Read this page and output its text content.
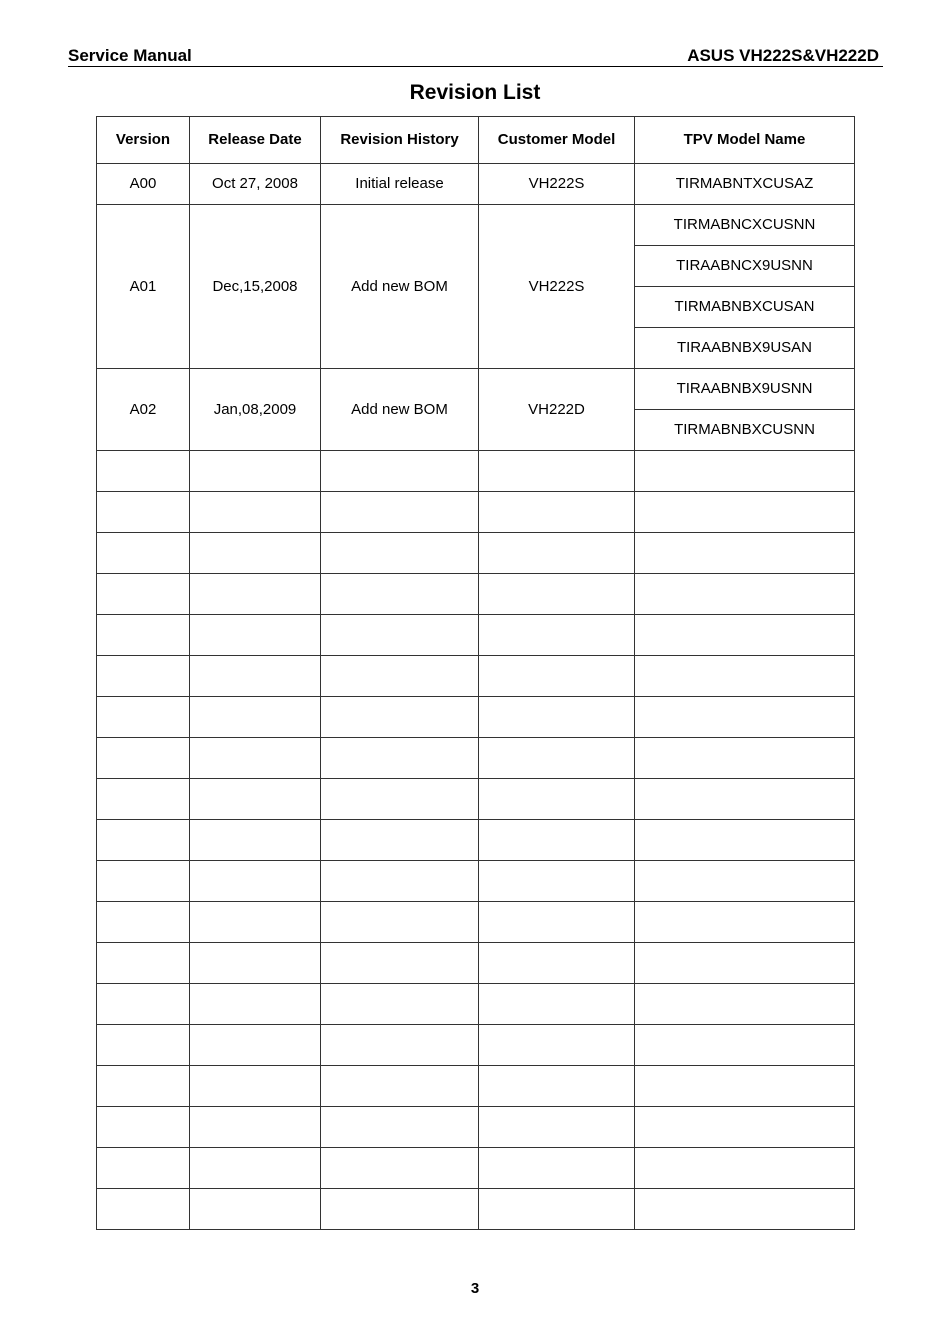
Service Manual	ASUS VH222S&VH222D
Revision List
Version	Release Date	Revision History	Customer Model	TPV Model Name
A00	Oct 27, 2008	Initial release	VH222S	TIRMABNTXCUSAZ
A01	Dec,15,2008	Add new BOM	VH222S	TIRMABNCXCUSNN
				TIRAABNCX9USNN
				TIRMABNBXCUSAN
				TIRAABNBX9USAN
A02	Jan,08,2009	Add new BOM	VH222D	TIRAABNBX9USNN
				TIRMABNBXCUSNN

3
